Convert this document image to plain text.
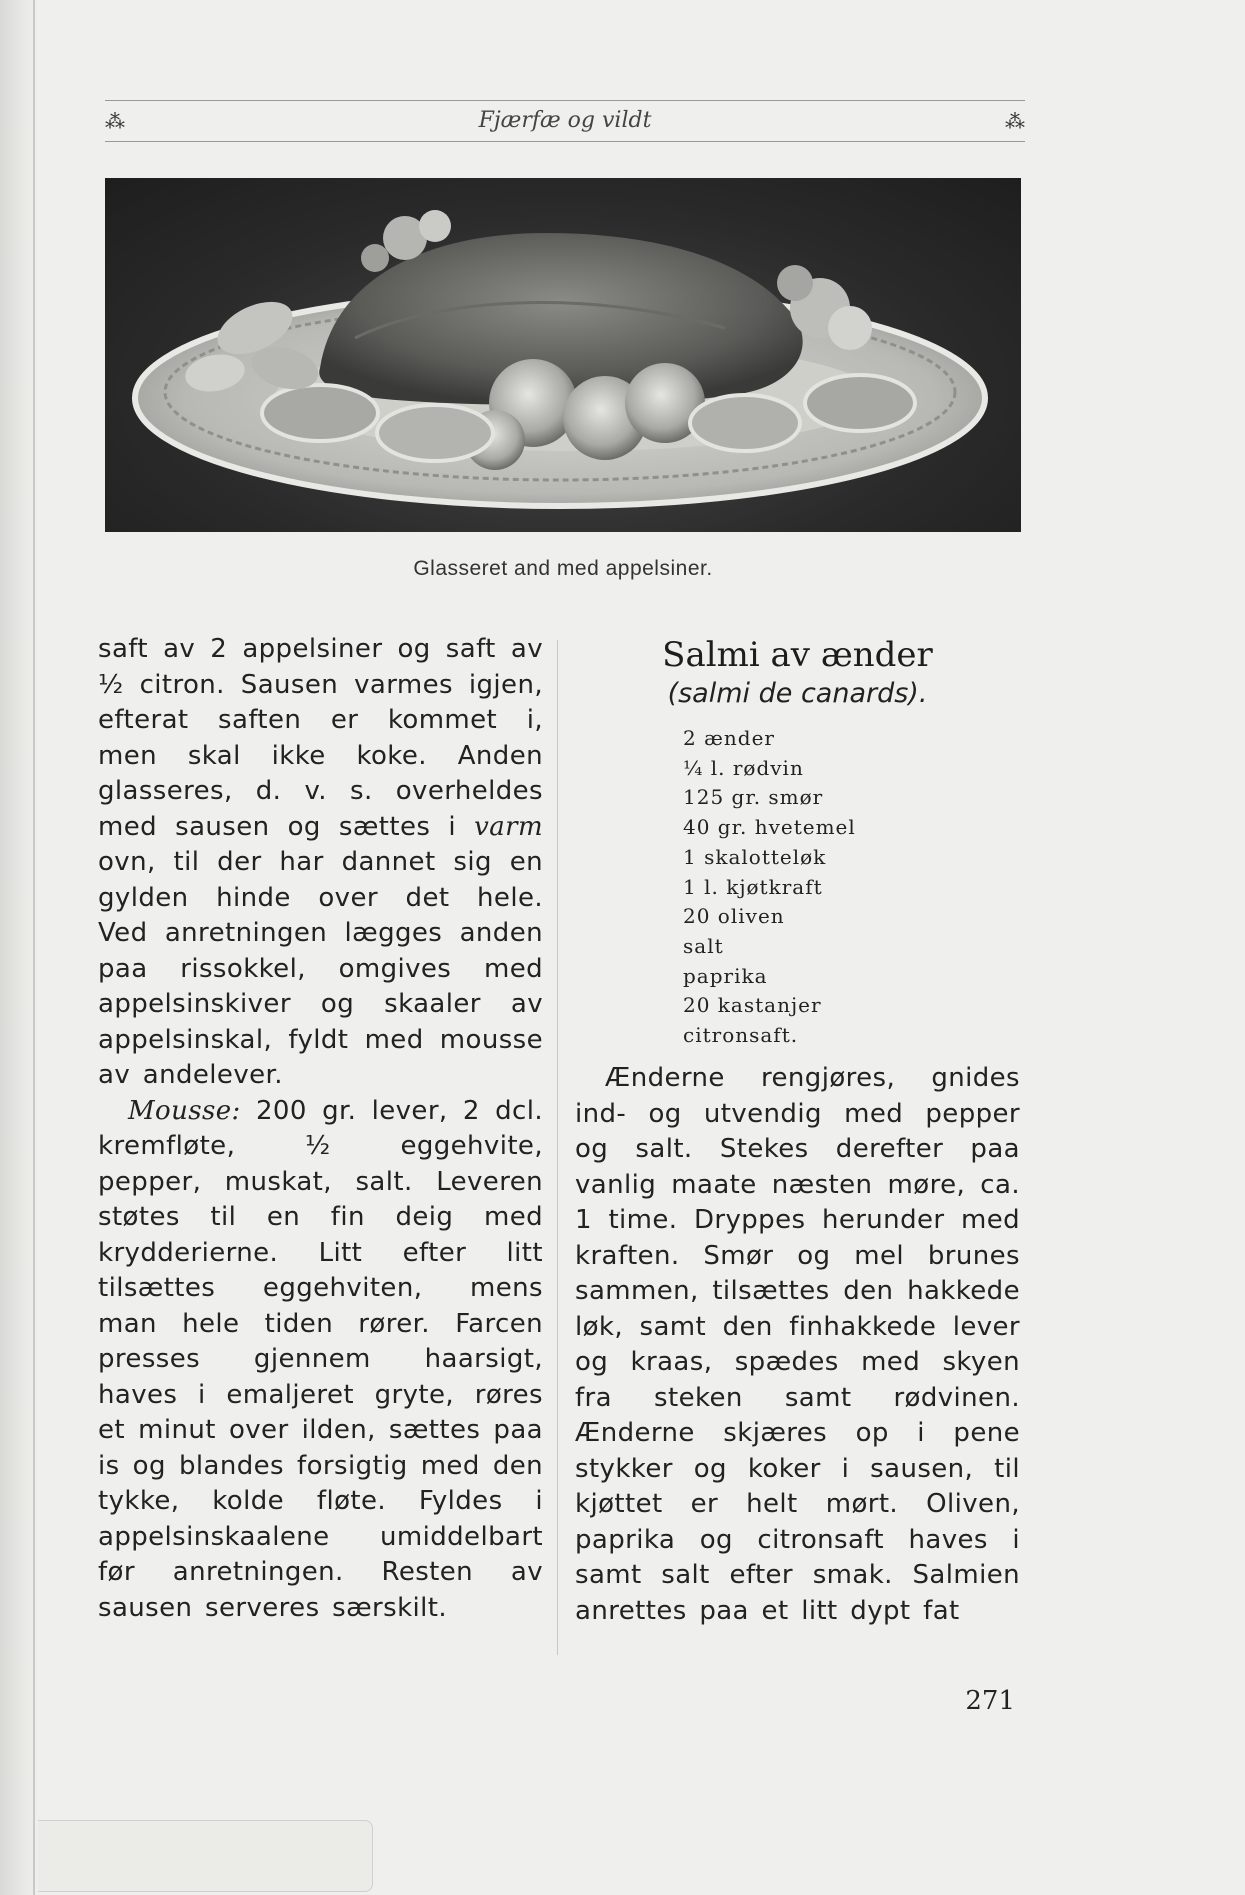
⁂	Fjærfæ og vildt	⁂
Glasseret and med appelsiner.

saft av 2 appelsiner og saft av ½ citron. Sausen varmes igjen, efterat saften er kommet i, men skal ikke koke. Anden glasseres, d. v. s. overheldes med sausen og sættes i varm ovn, til der har dannet sig en gylden hinde over det hele. Ved anretningen lægges anden paa rissokkel, omgives med appelsinskiver og skaaler av appelsinskal, fyldt med mousse av andelever.

Mousse: 200 gr. lever, 2 dcl. kremfløte, ½ eggehvite, pepper, muskat, salt. Leveren støtes til en fin deig med krydderierne. Litt efter litt tilsættes eggehviten, mens man hele tiden rører. Farcen presses gjennem haarsigt, haves i emaljeret gryte, røres et minut over ilden, sættes paa is og blandes forsigtig med den tykke, kolde fløte. Fyldes i appelsinskaalene umiddelbart før anretningen. Resten av sausen serveres særskilt.

Salmi av ænder
(salmi de canards).
2 ænder
¼ l. rødvin
125 gr. smør
40 gr. hvetemel
1 skalotteløk
1 l. kjøtkraft
20 oliven
salt
paprika
20 kastanjer
citronsaft.

Ænderne rengjøres, gnides ind- og utvendig med pepper og salt. Stekes derefter paa vanlig maate næsten møre, ca. 1 time. Dryppes herunder med kraften. Smør og mel brunes sammen, tilsættes den hakkede løk, samt den finhakkede lever og kraas, spædes med skyen fra steken samt rødvinen. Ænderne skjæres op i pene stykker og koker i sausen, til kjøttet er helt mørt. Oliven, paprika og citronsaft haves i samt salt efter smak. Salmien anrettes paa et litt dypt fat

271
